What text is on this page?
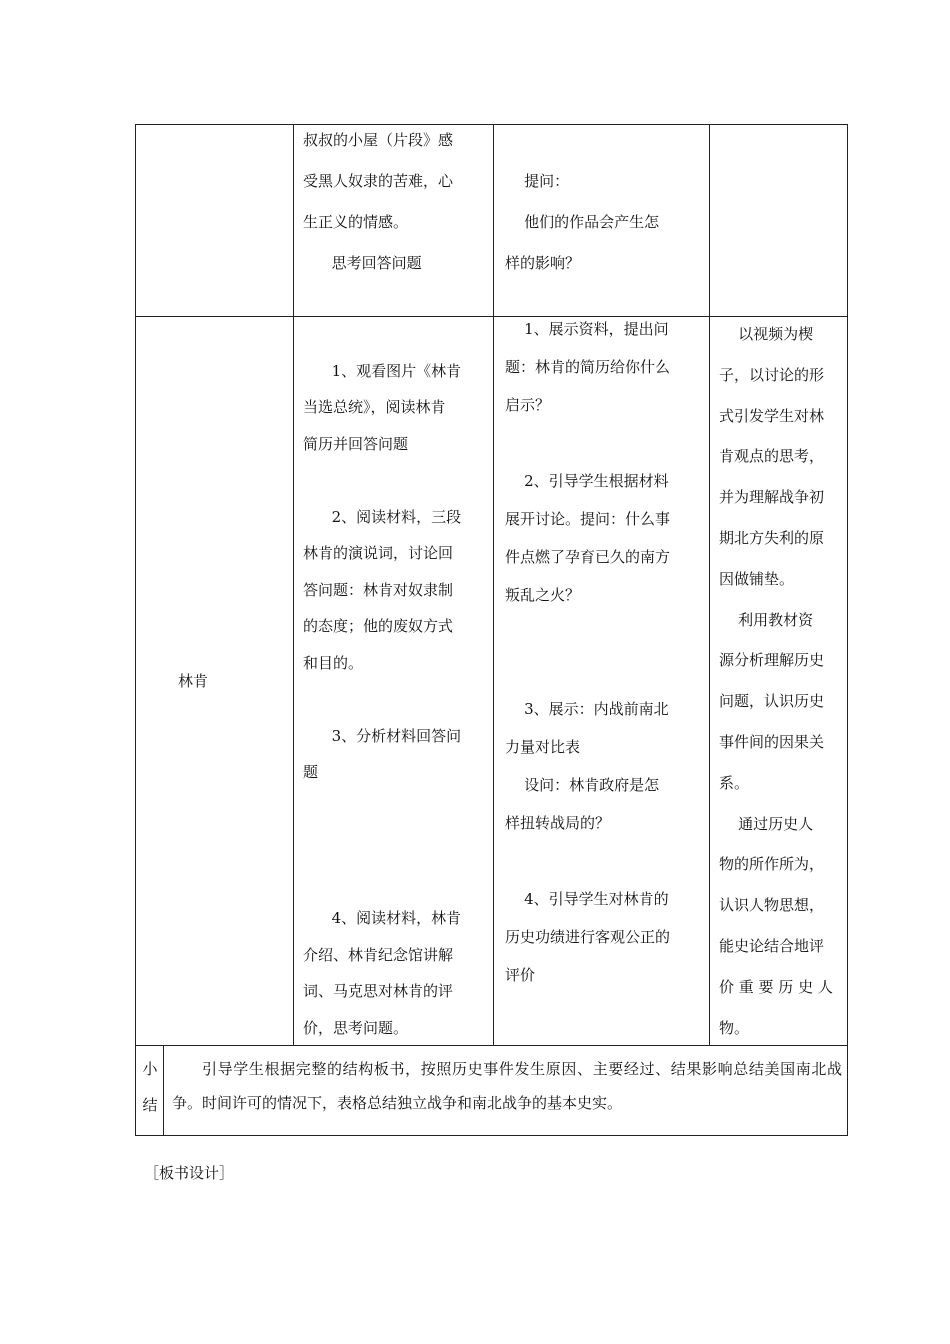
叔叔的小屋（片段》感

受黑人奴隶的苦难，心

生正义的情感。

思考回答问题

提问：

他们的作品会产生怎

样的影响？

林肯

1、观看图片《林肯

当选总统》，阅读林肯

简历并回答问题

2、阅读材料，三段

林肯的演说词，讨论回

答问题：林肯对奴隶制

的态度；他的废奴方式

和目的。

3、分析材料回答问

题

4、阅读材料，林肯

介绍、林肯纪念馆讲解

词、马克思对林肯的评

价，思考问题。

1、展示资料，提出问

题：林肯的简历给你什么

启示？

2、引导学生根据材料

展开讨论。提问：什么事

件点燃了孕育已久的南方

叛乱之火？

3、展示：内战前南北

力量对比表

设问：林肯政府是怎

样扭转战局的？

4、引导学生对林肯的

历史功绩进行客观公正的

评价

以视频为楔

子，以讨论的形

式引发学生对林

肯观点的思考，

并为理解战争初

期北方失利的原

因做铺垫。

利用教材资

源分析理解历史

问题，认识历史

事件间的因果关

系。

通过历史人

物的所作所为，

认识人物思想，

能史论结合地评

价 重 要 历 史 人

物。

小
结

引导学生根据完整的结构板书，按照历史事件发生原因、主要经过、结果影响总结美国南北战争。时间许可的情况下，表格总结独立战争和南北战争的基本史实。

［板书设计］
